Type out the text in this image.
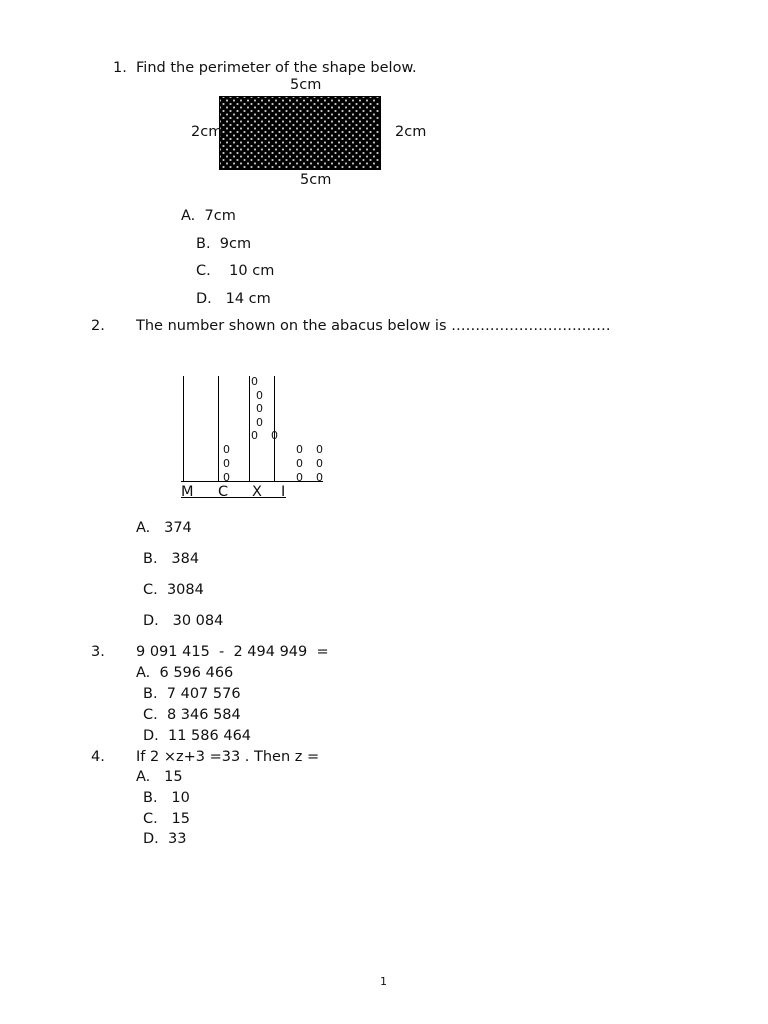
1. Find the perimeter of the shape below.
5cm
2cm	2cm
5cm
A.  7cm
B.  9cm
C.    10 cm
D.   14 cm
2. The number shown on the abacus below is ……………………………
M C X I
0
0
0
0
0 0
0
0
0
0
0
0
0
0
0
A.   374
B.   384
C.  3084
D.   30 084
3. 9 091 415  -  2 494 949  =
A.  6 596 466
B.  7 407 576
C.  8 346 584
D.  11 586 464
4. If 2 ×z+3 =33 . Then z =
A.   15
B.   10
C.   15
D.  33
1
